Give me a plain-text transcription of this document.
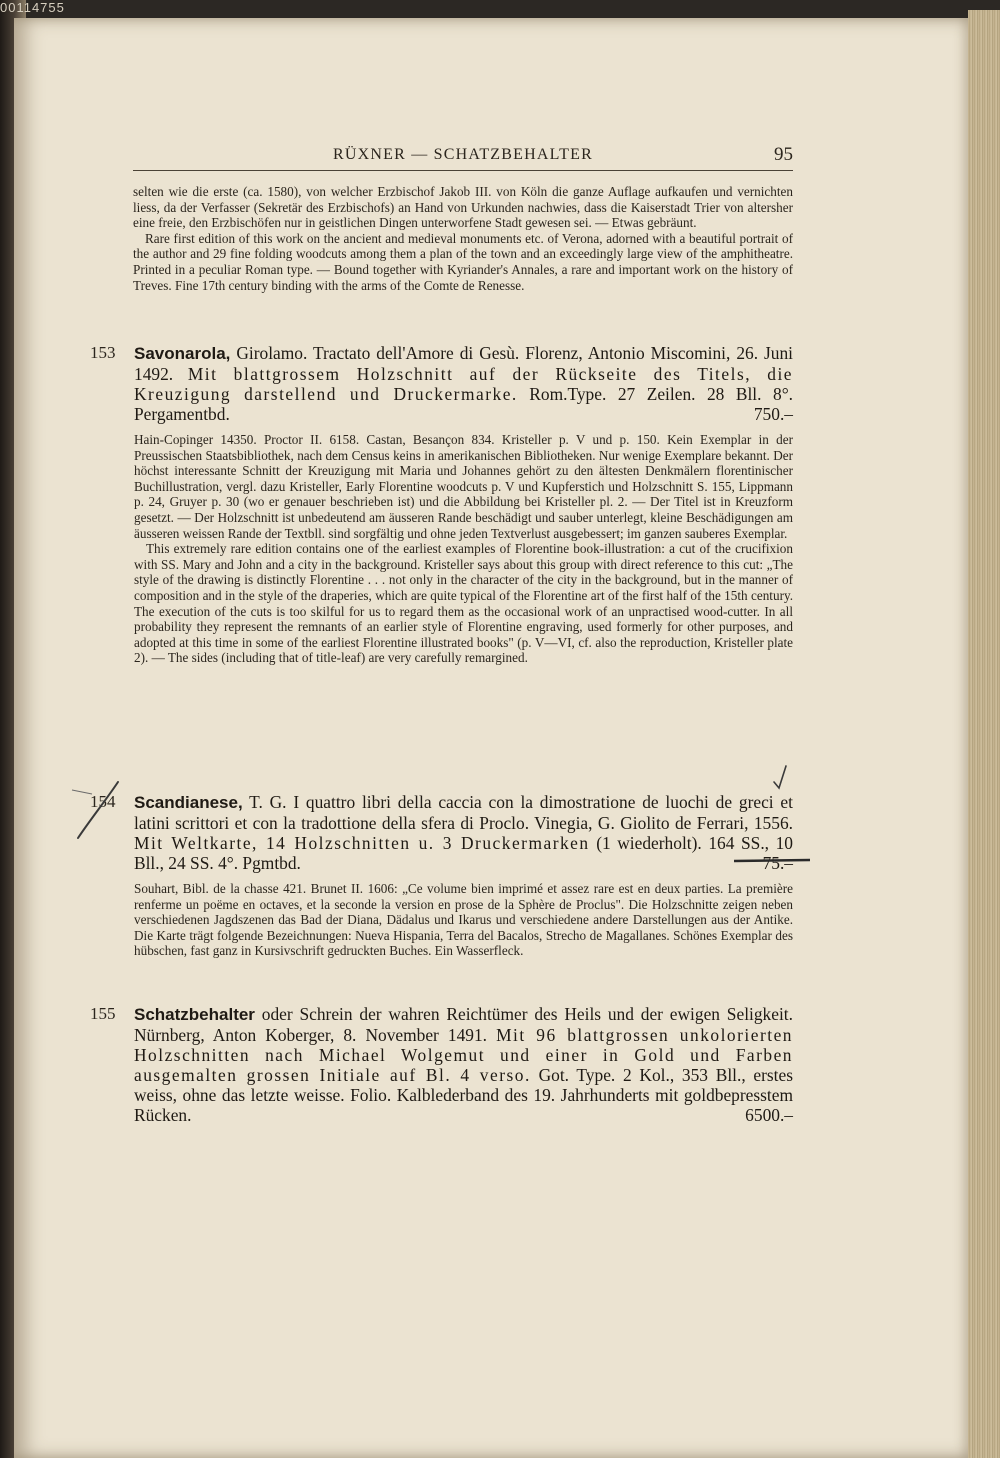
00114755
RÜXNER — SCHATZBEHALTER	95

selten wie die erste (ca. 1580), von welcher Erzbischof Jakob III. von Köln die ganze Auflage aufkaufen und vernichten liess, da der Verfasser (Sekretär des Erzbischofs) an Hand von Urkunden nachwies, dass die Kaiserstadt Trier von altersher eine freie, den Erzbischöfen nur in geistlichen Dingen unterworfene Stadt gewesen sei. — Etwas gebräunt.

Rare first edition of this work on the ancient and medieval monuments etc. of Verona, adorned with a beautiful portrait of the author and 29 fine folding woodcuts among them a plan of the town and an exceedingly large view of the amphitheatre. Printed in a peculiar Roman type. — Bound together with Kyriander's Annales, a rare and important work on the history of Treves. Fine 17th century binding with the arms of the Comte de Renesse.

153 Savonarola, Girolamo. Tractato dell'Amore di Gesù. Florenz, Antonio Miscomini, 26. Juni 1492. Mit blattgrossem Holzschnitt auf der Rückseite des Titels, die Kreuzigung darstellend und Druckermarke. Rom.Type. 27 Zeilen. 28 Bll. 8°. Pergamentbd.	750.–

Hain-Copinger 14350. Proctor II. 6158. Castan, Besançon 834. Kristeller p. V und p. 150. Kein Exemplar in der Preussischen Staatsbibliothek, nach dem Census keins in amerikanischen Bibliotheken. Nur wenige Exemplare bekannt. Der höchst interessante Schnitt der Kreuzigung mit Maria und Johannes gehört zu den ältesten Denkmälern florentinischer Buchillustration, vergl. dazu Kristeller, Early Florentine woodcuts p. V und Kupferstich und Holzschnitt S. 155, Lippmann p. 24, Gruyer p. 30 (wo er genauer beschrieben ist) und die Abbildung bei Kristeller pl. 2. — Der Titel ist in Kreuzform gesetzt. — Der Holzschnitt ist unbedeutend am äusseren Rande beschädigt und sauber unterlegt, kleine Beschädigungen am äusseren weissen Rande der Textbll. sind sorgfältig und ohne jeden Textverlust ausgebessert; im ganzen sauberes Exemplar.

This extremely rare edition contains one of the earliest examples of Florentine book-illustration: a cut of the crucifixion with SS. Mary and John and a city in the background. Kristeller says about this group with direct reference to this cut: „The style of the drawing is distinctly Florentine . . . not only in the character of the city in the background, but in the manner of composition and in the style of the draperies, which are quite typical of the Florentine art of the first half of the 15th century. The execution of the cuts is too skilful for us to regard them as the occasional work of an unpractised wood-cutter. In all probability they represent the remnants of an earlier style of Florentine engraving, used formerly for other purposes, and adopted at this time in some of the earliest Florentine illustrated books" (p. V—VI, cf. also the reproduction, Kristeller plate 2). — The sides (including that of title-leaf) are very carefully remargined.

154 Scandianese, T. G. I quattro libri della caccia con la dimostratione de luochi de greci et latini scrittori et con la tradottione della sfera di Proclo. Vinegia, G. Giolito de Ferrari, 1556. Mit Weltkarte, 14 Holzschnitten u. 3 Druckermarken (1 wiederholt). 164 SS., 10 Bll., 24 SS. 4°. Pgmtbd.	75.–

Souhart, Bibl. de la chasse 421. Brunet II. 1606: „Ce volume bien imprimé et assez rare est en deux parties. La première renferme un poëme en octaves, et la seconde la version en prose de la Sphère de Proclus". Die Holzschnitte zeigen neben verschiedenen Jagdszenen das Bad der Diana, Dädalus und Ikarus und verschiedene andere Darstellungen aus der Antike. Die Karte trägt folgende Bezeichnungen: Nueva Hispania, Terra del Bacalos, Strecho de Magallanes. Schönes Exemplar des hübschen, fast ganz in Kursivschrift gedruckten Buches. Ein Wasserfleck.

155 Schatzbehalter oder Schrein der wahren Reichtümer des Heils und der ewigen Seligkeit. Nürnberg, Anton Koberger, 8. November 1491. Mit 96 blattgrossen unkolorierten Holzschnitten nach Michael Wolgemut und einer in Gold und Farben ausgemalten grossen Initiale auf Bl. 4 verso. Got. Type. 2 Kol., 353 Bll., erstes weiss, ohne das letzte weisse. Folio. Kalblederband des 19. Jahrhunderts mit goldbepresstem Rücken.	6500.–
